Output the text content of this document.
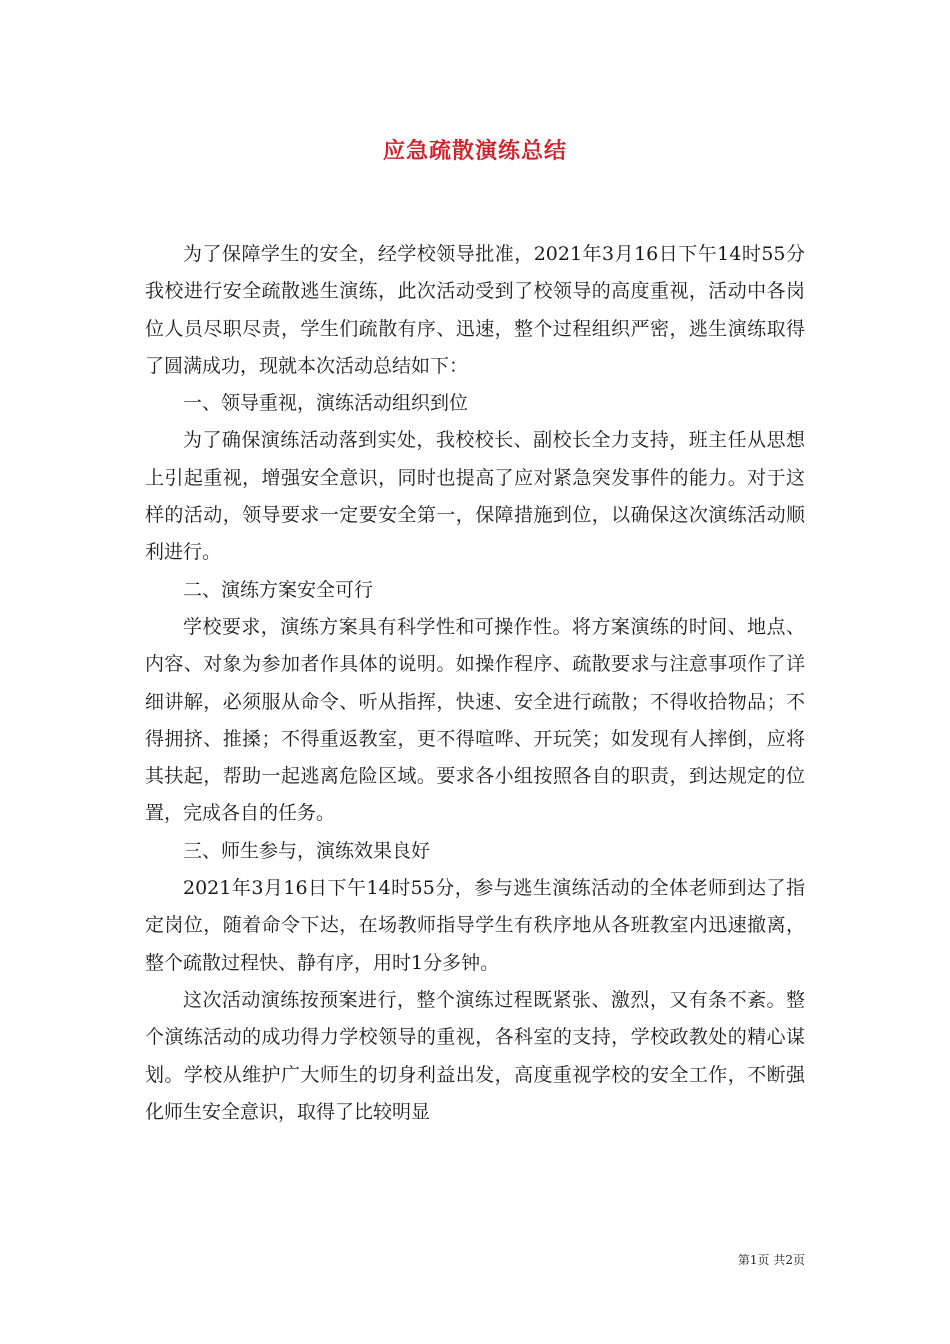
应急疏散演练总结

为了保障学生的安全，经学校领导批准，2021年3月16日下午14时55分我校进行安全疏散逃生演练，此次活动受到了校领导的高度重视，活动中各岗位人员尽职尽责，学生们疏散有序、迅速，整个过程组织严密，逃生演练取得了圆满成功，现就本次活动总结如下：

一、领导重视，演练活动组织到位

为了确保演练活动落到实处，我校校长、副校长全力支持，班主任从思想上引起重视，增强安全意识，同时也提高了应对紧急突发事件的能力。对于这样的活动，领导要求一定要安全第一，保障措施到位，以确保这次演练活动顺利进行。

二、演练方案安全可行

学校要求，演练方案具有科学性和可操作性。将方案演练的时间、地点、内容、对象为参加者作具体的说明。如操作程序、疏散要求与注意事项作了详细讲解，必须服从命令、听从指挥，快速、安全进行疏散；不得收拾物品；不得拥挤、推搡；不得重返教室，更不得喧哗、开玩笑；如发现有人摔倒，应将其扶起，帮助一起逃离危险区域。要求各小组按照各自的职责，到达规定的位置，完成各自的任务。

三、师生参与，演练效果良好

2021年3月16日下午14时55分，参与逃生演练活动的全体老师到达了指定岗位，随着命令下达，在场教师指导学生有秩序地从各班教室内迅速撤离，整个疏散过程快、静有序，用时1分多钟。

这次活动演练按预案进行，整个演练过程既紧张、激烈，又有条不紊。整个演练活动的成功得力学校领导的重视，各科室的支持，学校政教处的精心谋划。学校从维护广大师生的切身利益出发，高度重视学校的安全工作，不断强化师生安全意识，取得了比较明显

第1页 共2页
